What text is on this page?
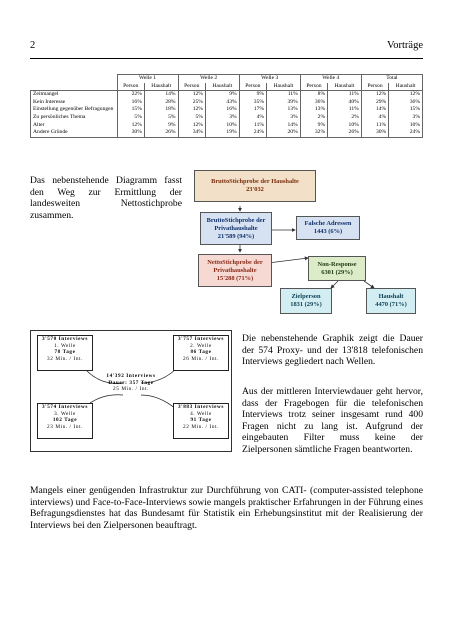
2	Vorträge
	Welle 1		Welle 2		Welle 3		Welle 4		Total	
	Person	Haushalt	Person	Haushalt	Person	Haushalt	Person	Haushalt	Person	Haushalt
Zeitmangel	22%	14%	12%	9%	9%	11%	8%	11%	12%	12%
Kein Interesse	16%	28%	25%	43%	35%	39%	36%	40%	29%	36%
Einstellung gegenüber Befragungen	15%	18%	12%	16%	17%	13%	13%	11%	14%	15%
Zu persönliches Thema	5%	5%	5%	3%	4%	3%	2%	2%	4%	3%
Alter	12%	9%	12%	10%	11%	14%	9%	10%	11%	10%
Andere Gründe	30%	26%	34%	19%	24%	20%	32%	26%	30%	24%
Das nebenstehende Diagramm fasst den Weg zur Ermittlung der landesweiten Nettostichprobe zusammen.
BruttoStichprobe der Haushalte
23'032
BruttoStichprobe der Privathaushalte
21'589 (94%)
Falsche Adressen
1443 (6%)
NettoStichprobe der Privathaushalte
15'288 (71%)
Non-Response
6301 (29%)
Zielperson
1831 (29%)
Haushalt
4470 (71%)
3'570 Interviews
1. Welle
78 Tage
32 Min. / Int.
3'757 Interviews
2. Welle
86 Tage
26 Min. / Int.
14'392 Interviews
Dauer: 357 Tage
25 Min. / Int.
3'574 Interviews
3. Welle
102 Tage
23 Min. / Int.
3'883 Interviews
4. Welle
91 Tage
22 Min. / Int.
Die nebenstehende Graphik zeigt die Dauer der 574 Proxy- und der 13'818 telefonischen Interviews gegliedert nach Wellen.
Aus der mittleren Interviewdauer geht hervor, dass der Fragebogen für die telefonischen Interviews trotz seiner insgesamt rund 400 Fragen nicht zu lang ist. Aufgrund der eingebauten Filter muss keine der Zielpersonen sämtliche Fragen beantworten.
Mangels einer genügenden Infrastruktur zur Durchführung von CATI- (computer-assisted telephone interviews) und Face-to-Face-Interviews sowie mangels praktischer Erfahrungen in der Führung eines Befragungsdienstes hat das Bundesamt für Statistik ein Erhebungsinstitut mit der Realisierung der Interviews bei den Zielpersonen beauftragt.
